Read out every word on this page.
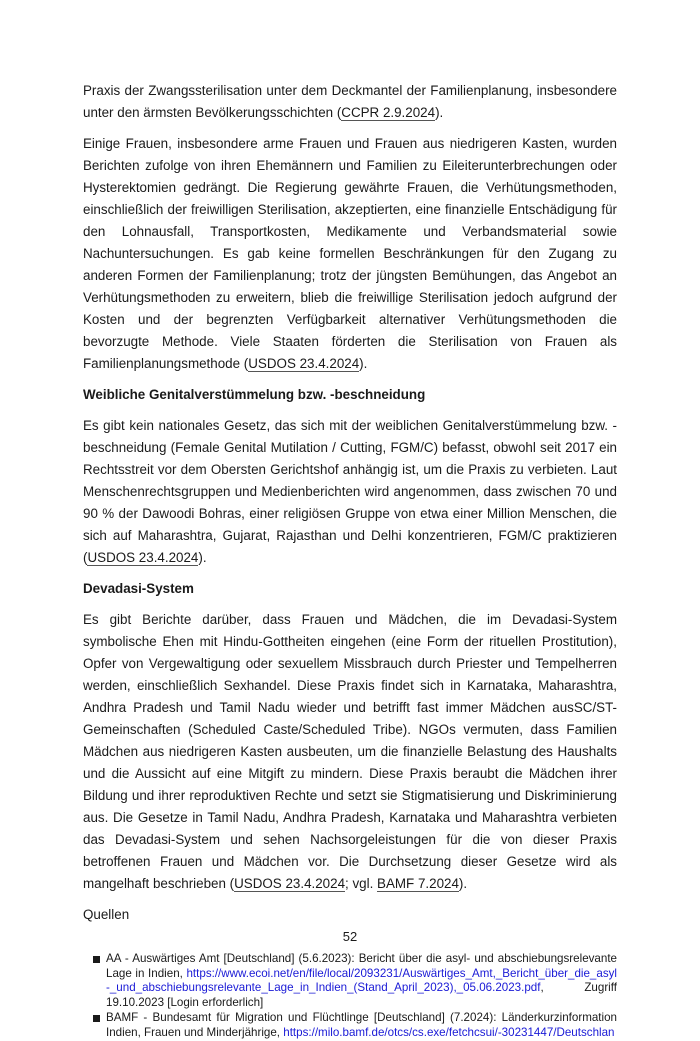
Praxis der Zwangssterilisation unter dem Deckmantel der Familienplanung, insbesondere unter den ärmsten Bevölkerungsschichten (CCPR 2.9.2024).

Einige Frauen, insbesondere arme Frauen und Frauen aus niedrigeren Kasten, wurden Berichten zufolge von ihren Ehemännern und Familien zu Eileiterunterbrechungen oder Hysterektomien gedrängt. Die Regierung gewährte Frauen, die Verhütungsmethoden, einschließlich der freiwilligen Sterilisation, akzeptierten, eine finanzielle Entschädigung für den Lohnausfall, Transportkosten, Medikamente und Verbandsmaterial sowie Nachuntersuchungen. Es gab keine formellen Beschränkungen für den Zugang zu anderen Formen der Familienplanung; trotz der jüngsten Bemühungen, das Angebot an Verhütungsmethoden zu erweitern, blieb die freiwillige Sterilisation jedoch aufgrund der Kosten und der begrenzten Verfügbarkeit alternativer Verhütungsmethoden die bevorzugte Methode. Viele Staaten förderten die Sterilisation von Frauen als Familienplanungsmethode (USDOS 23.4.2024).

Weibliche Genitalverstümmelung bzw. -beschneidung

Es gibt kein nationales Gesetz, das sich mit der weiblichen Genitalverstümmelung bzw. -beschneidung (Female Genital Mutilation / Cutting, FGM/C) befasst, obwohl seit 2017 ein Rechtsstreit vor dem Obersten Gerichtshof anhängig ist, um die Praxis zu verbieten. Laut Menschenrechtsgruppen und Medienberichten wird angenommen, dass zwischen 70 und 90 % der Dawoodi Bohras, einer religiösen Gruppe von etwa einer Million Menschen, die sich auf Maharashtra, Gujarat, Rajasthan und Delhi konzentrieren, FGM/C praktizieren (USDOS 23.4.2024).

Devadasi-System

Es gibt Berichte darüber, dass Frauen und Mädchen, die im Devadasi-System symbolische Ehen mit Hindu-Gottheiten eingehen (eine Form der rituellen Prostitution), Opfer von Vergewaltigung oder sexuellem Missbrauch durch Priester und Tempelherren werden, einschließlich Sexhandel. Diese Praxis findet sich in Karnataka, Maharashtra, Andhra Pradesh und Tamil Nadu wieder und betrifft fast immer Mädchen ausSC/ST-Gemeinschaften (Scheduled Caste/Scheduled Tribe). NGOs vermuten, dass Familien Mädchen aus niedrigeren Kasten ausbeuten, um die finanzielle Belastung des Haushalts und die Aussicht auf eine Mitgift zu mindern. Diese Praxis beraubt die Mädchen ihrer Bildung und ihrer reproduktiven Rechte und setzt sie Stigmatisierung und Diskriminierung aus. Die Gesetze in Tamil Nadu, Andhra Pradesh, Karnataka und Maharashtra verbieten das Devadasi-System und sehen Nachsorgeleistungen für die von dieser Praxis betroffenen Frauen und Mädchen vor. Die Durchsetzung dieser Gesetze wird als mangelhaft beschrieben (USDOS 23.4.2024; vgl. BAMF 7.2024).

Quellen
AA - Auswärtiges Amt [Deutschland] (5.6.2023): Bericht über die asyl- und abschiebungsrelevante Lage in Indien, https://www.ecoi.net/en/file/local/2093231/Auswärtiges_Amt,_Bericht_über_die_asyl-_und_abschiebungsrelevante_Lage_in_Indien_(Stand_April_2023),_05.06.2023.pdf, Zugriff 19.10.2023 [Login erforderlich]
BAMF - Bundesamt für Migration und Flüchtlinge [Deutschland] (7.2024): Länderkurzinformation Indien, Frauen und Minderjährige, https://milo.bamf.de/otcs/cs.exe/fetchcsui/-30231447/Deutschlan
52
